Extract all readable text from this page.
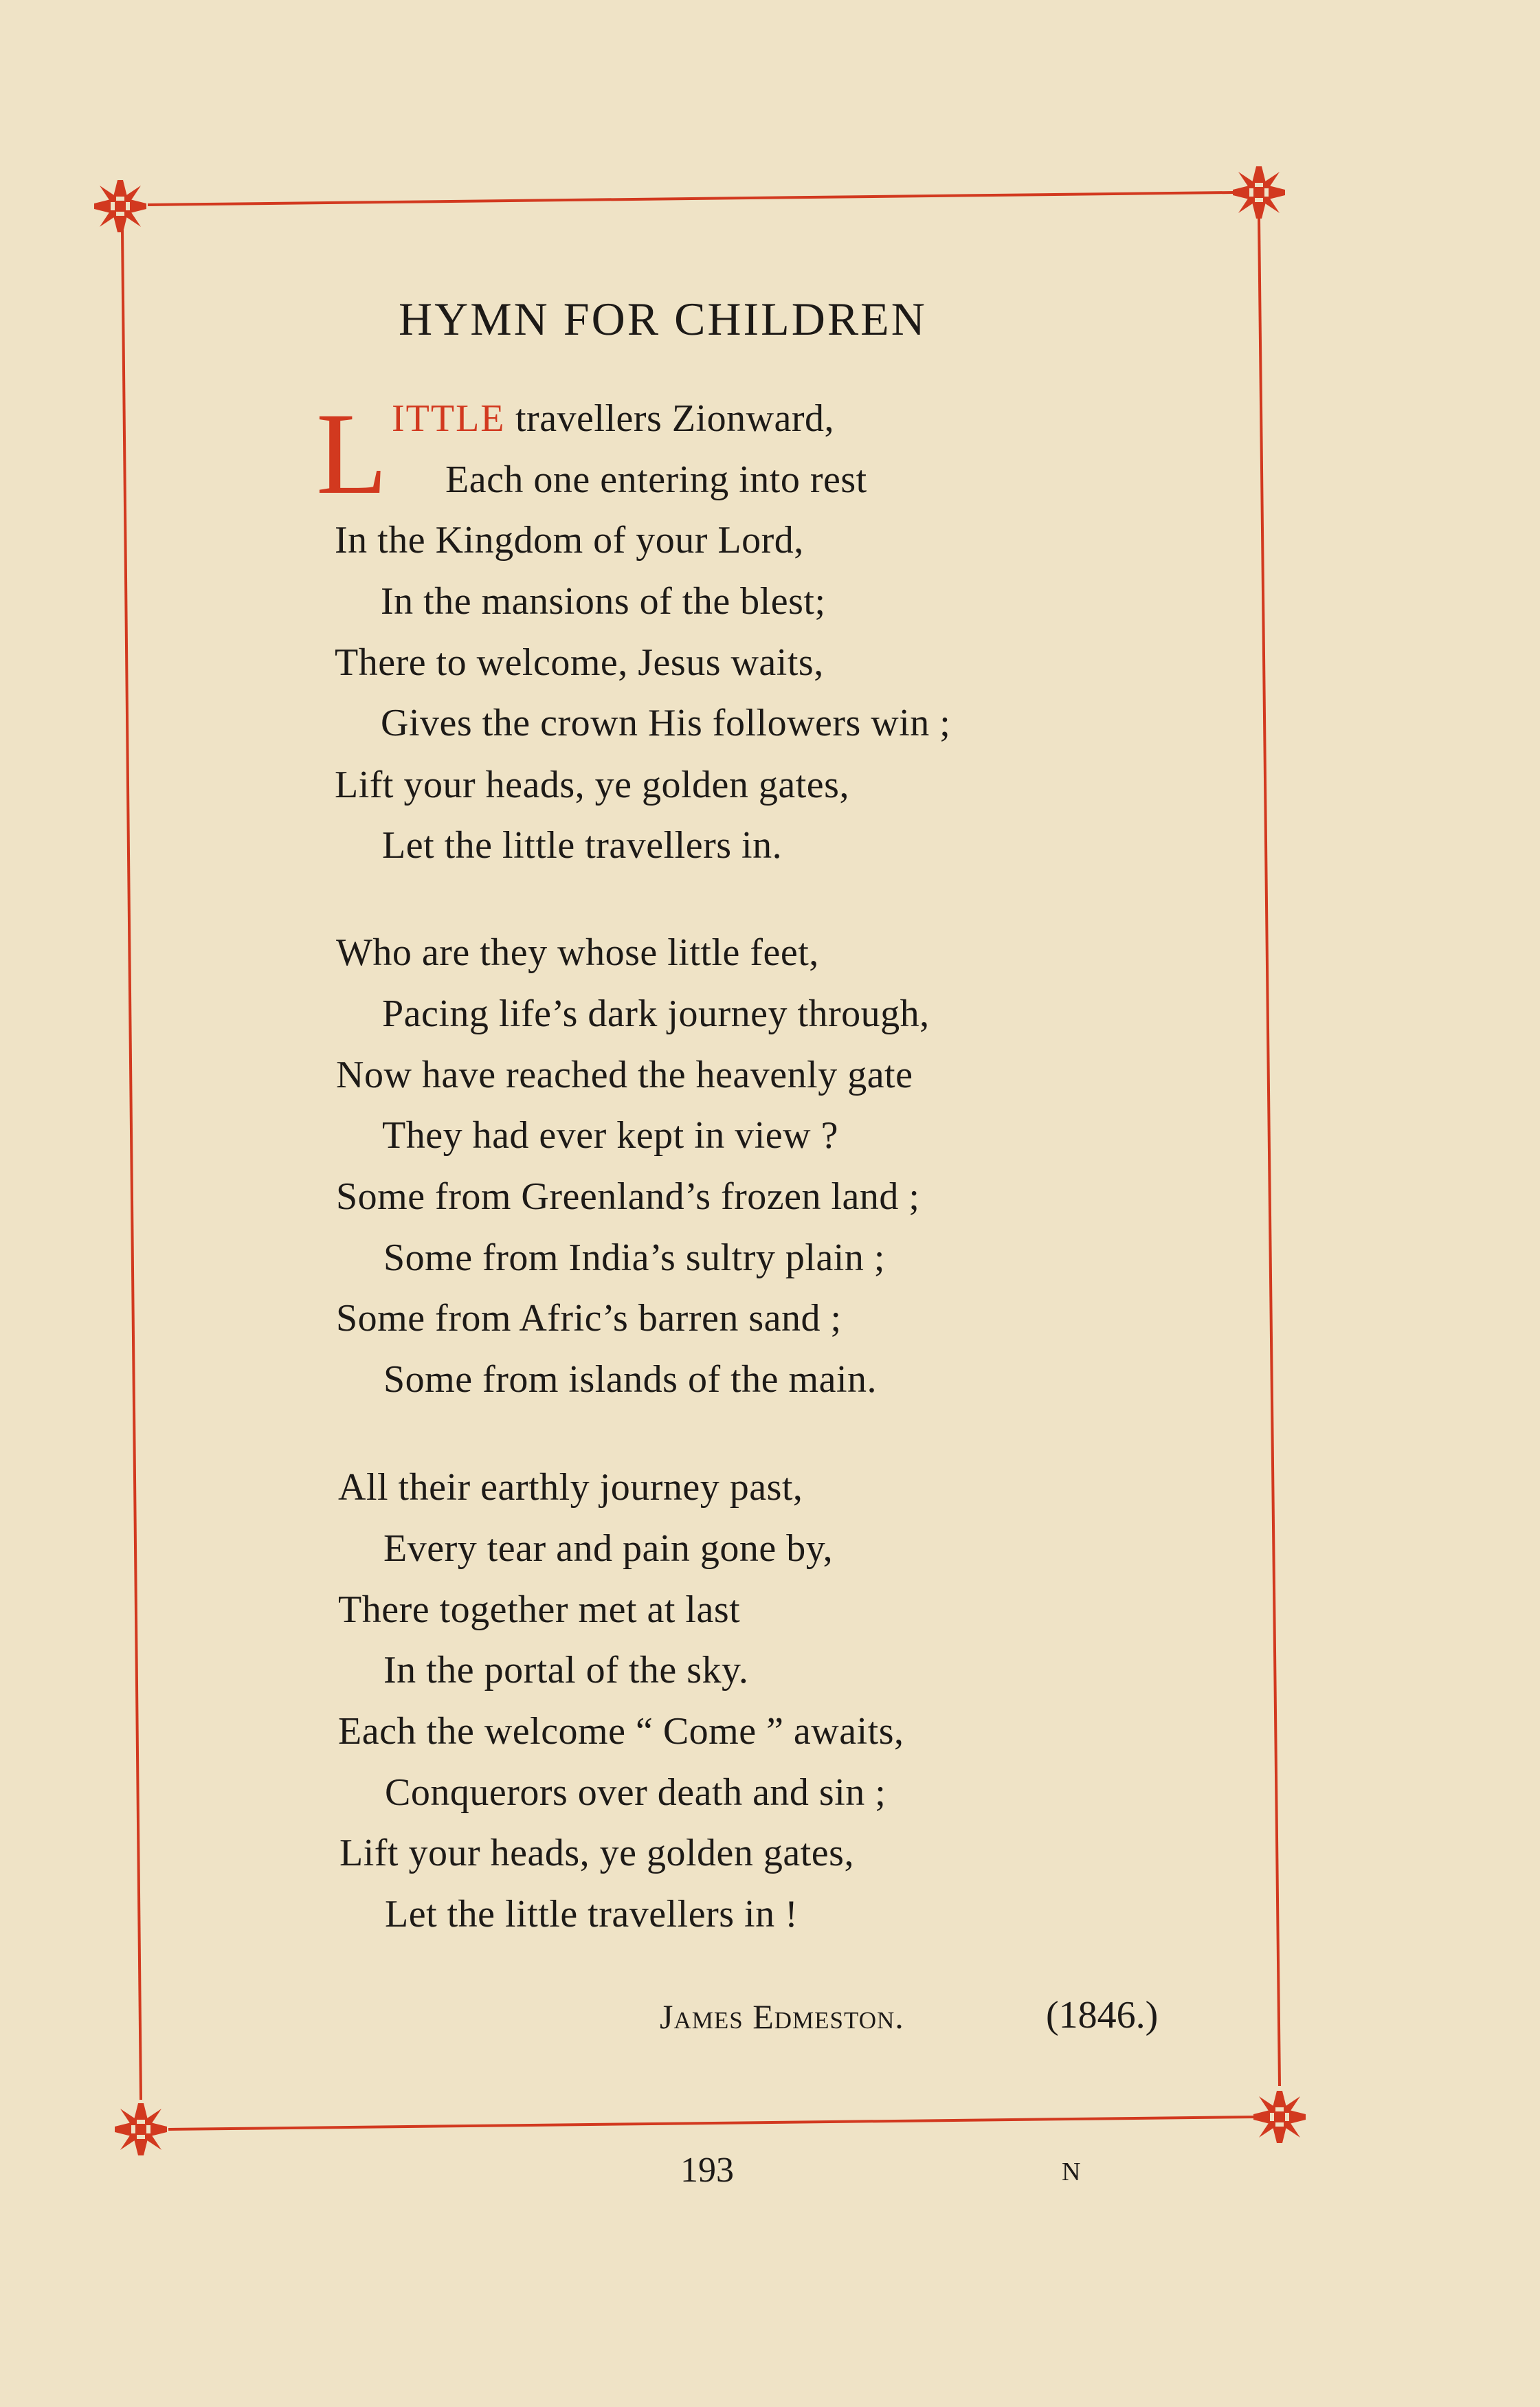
HYMN FOR CHILDREN
L ITTLE travellers Zionward,
Each one entering into rest
In the Kingdom of your Lord,
In the mansions of the blest;
There to welcome, Jesus waits,
Gives the crown His followers win ;
Lift your heads, ye golden gates,
Let the little travellers in.
Who are they whose little feet,
Pacing life’s dark journey through,
Now have reached the heavenly gate
They had ever kept in view ?
Some from Greenland’s frozen land ;
Some from India’s sultry plain ;
Some from Afric’s barren sand ;
Some from islands of the main.
All their earthly journey past,
Every tear and pain gone by,
There together met at last
In the portal of the sky.
Each the welcome “ Come ” awaits,
Conquerors over death and sin ;
Lift your heads, ye golden gates,
Let the little travellers in !
James Edmeston.	(1846.)
193	N
